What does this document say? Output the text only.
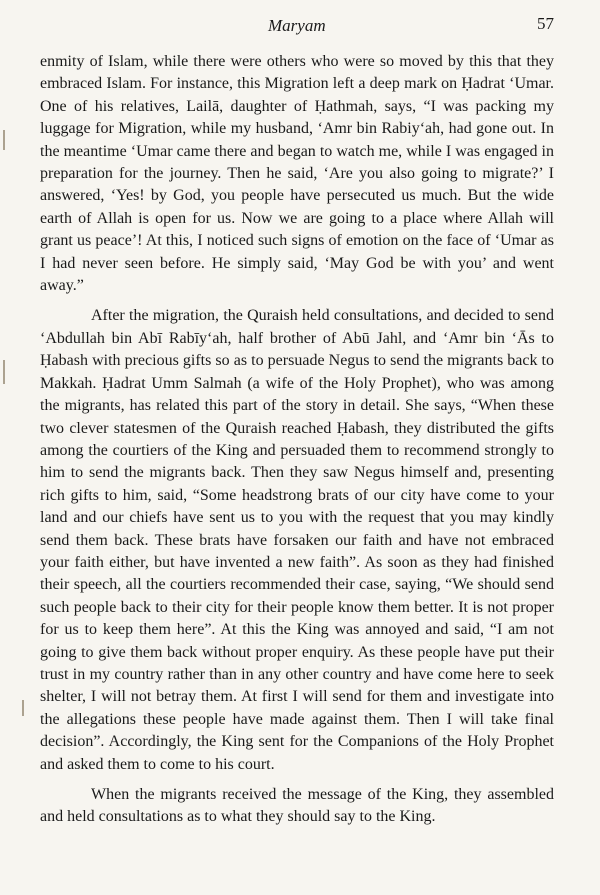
Maryam	57

enmity of Islam, while there were others who were so moved by this that they embraced Islam. For instance, this Migration left a deep mark on Ḥadrat ‘Umar. One of his relatives, Lailā, daughter of Ḥathmah, says, “I was packing my luggage for Migration, while my husband, ‘Amr bin Rabiy‘ah, had gone out. In the meantime ‘Umar came there and began to watch me, while I was engaged in preparation for the journey. Then he said, ‘Are you also going to migrate?’ I answered, ‘Yes! by God, you people have persecuted us much. But the wide earth of Allah is open for us. Now we are going to a place where Allah will grant us peace’! At this, I noticed such signs of emotion on the face of ‘Umar as I had never seen before. He simply said, ‘May God be with you’ and went away.”

After the migration, the Quraish held consultations, and decided to send ‘Abdullah bin Abī Rabīy‘ah, half brother of Abū Jahl, and ‘Amr bin ‘Ās to Ḥabash with precious gifts so as to persuade Negus to send the migrants back to Makkah. Ḥadrat Umm Salmah (a wife of the Holy Prophet), who was among the migrants, has related this part of the story in detail. She says, “When these two clever statesmen of the Quraish reached Ḥabash, they distributed the gifts among the courtiers of the King and persuaded them to recommend strongly to him to send the migrants back. Then they saw Negus himself and, presenting rich gifts to him, said, “Some headstrong brats of our city have come to your land and our chiefs have sent us to you with the request that you may kindly send them back. These brats have forsaken our faith and have not embraced your faith either, but have invented a new faith”. As soon as they had finished their speech, all the courtiers recommended their case, saying, “We should send such people back to their city for their people know them better. It is not proper for us to keep them here”. At this the King was annoyed and said, “I am not going to give them back without proper enquiry. As these people have put their trust in my country rather than in any other country and have come here to seek shelter, I will not betray them. At first I will send for them and investigate into the allegations these people have made against them. Then I will take final decision”. Accordingly, the King sent for the Companions of the Holy Prophet and asked them to come to his court.

When the migrants received the message of the King, they assembled and held consultations as to what they should say to the King.
